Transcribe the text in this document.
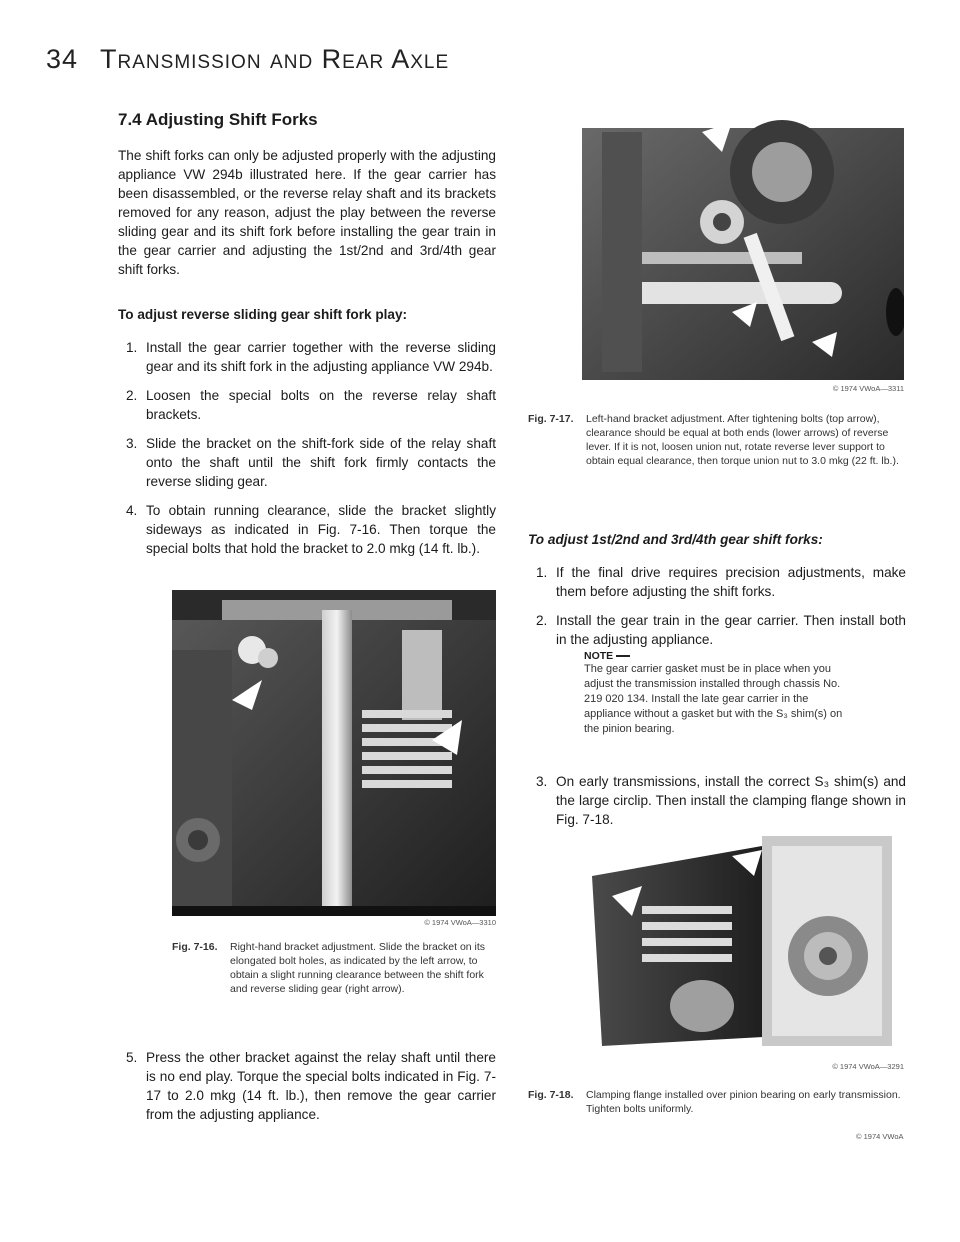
34 Transmission and Rear Axle
7.4 Adjusting Shift Forks

The shift forks can only be adjusted properly with the adjusting appliance VW 294b illustrated here. If the gear carrier has been disassembled, or the reverse relay shaft and its brackets removed for any reason, adjust the play between the reverse sliding gear and its shift fork before installing the gear train in the gear carrier and adjusting the 1st/2nd and 3rd/4th gear shift forks.

To adjust reverse sliding gear shift fork play:
1. Install the gear carrier together with the reverse sliding gear and its shift fork in the adjusting appliance VW 294b.
2. Loosen the special bolts on the reverse relay shaft brackets.
3. Slide the bracket on the shift-fork side of the relay shaft onto the shaft until the shift fork firmly contacts the reverse sliding gear.
4. To obtain running clearance, slide the bracket slightly sideways as indicated in Fig. 7-16. Then torque the special bolts that hold the bracket to 2.0 mkg (14 ft. lb.).
© 1974 VWoA—3310
Fig. 7-16. Right-hand bracket adjustment. Slide the bracket on its elongated bolt holes, as indicated by the left arrow, to obtain a slight running clearance between the shift fork and reverse sliding gear (right arrow).
5. Press the other bracket against the relay shaft until there is no end play. Torque the special bolts indicated in Fig. 7-17 to 2.0 mkg (14 ft. lb.), then remove the gear carrier from the adjusting appliance.
© 1974 VWoA—3311
Fig. 7-17. Left-hand bracket adjustment. After tightening bolts (top arrow), clearance should be equal at both ends (lower arrows) of reverse lever. If it is not, loosen union nut, rotate reverse lever support to obtain equal clearance, then torque union nut to 3.0 mkg (22 ft. lb.).
To adjust 1st/2nd and 3rd/4th gear shift forks:
1. If the final drive requires precision adjustments, make them before adjusting the shift forks.
2. Install the gear train in the gear carrier. Then install both in the adjusting appliance.
NOTE
The gear carrier gasket must be in place when you adjust the transmission installed through chassis No. 219 020 134. Install the late gear carrier in the appliance without a gasket but with the S₃ shim(s) on the pinion bearing.
3. On early transmissions, install the correct S₃ shim(s) and the large circlip. Then install the clamping flange shown in Fig. 7-18.
© 1974 VWoA—3291
Fig. 7-18. Clamping flange installed over pinion bearing on early transmission. Tighten bolts uniformly.
© 1974 VWoA
